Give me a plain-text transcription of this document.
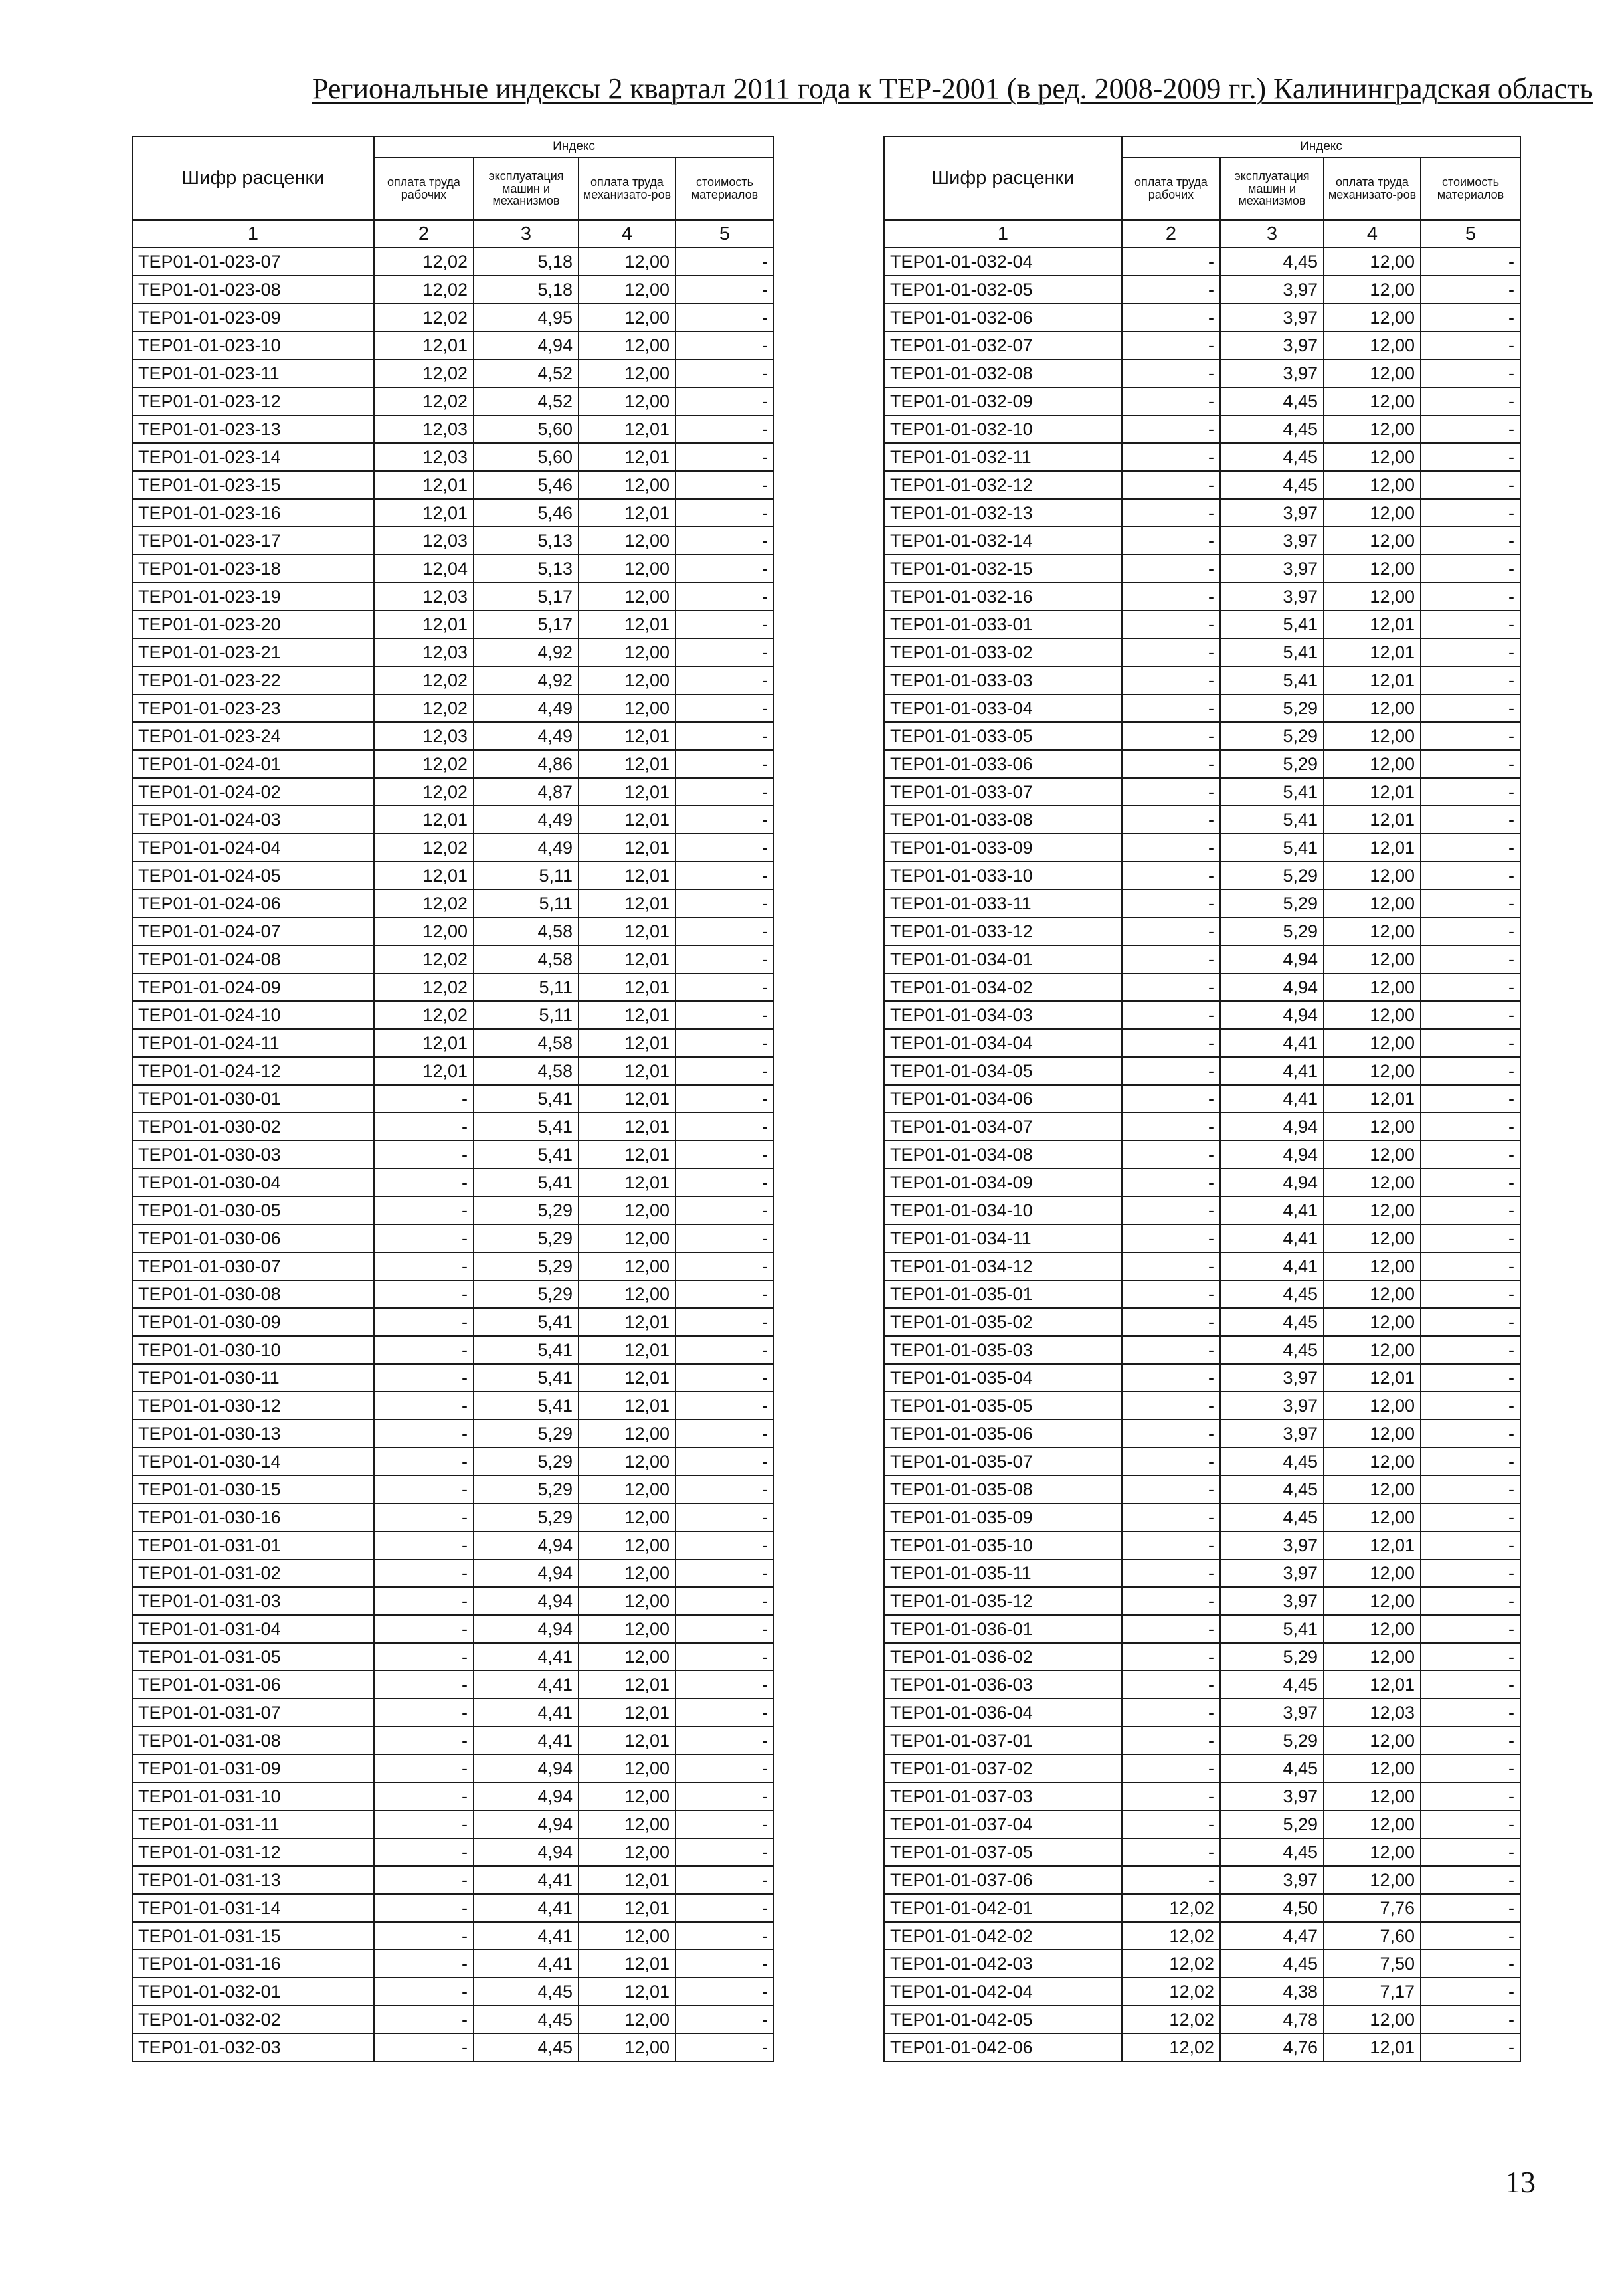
Региональные индексы 2 квартал 2011 года к ТЕР-2001 (в ред. 2008-2009 гг.) Калининградская область
Шифр расценки	Индекс			
	оплата труда рабочих	эксплуатация машин и механизмов	оплата труда механизато-ров	стоимость материалов
1	2	3	4	5
ТЕР01-01-023-07	12,02	5,18	12,00	-
ТЕР01-01-023-08	12,02	5,18	12,00	-
ТЕР01-01-023-09	12,02	4,95	12,00	-
ТЕР01-01-023-10	12,01	4,94	12,00	-
ТЕР01-01-023-11	12,02	4,52	12,00	-
ТЕР01-01-023-12	12,02	4,52	12,00	-
ТЕР01-01-023-13	12,03	5,60	12,01	-
ТЕР01-01-023-14	12,03	5,60	12,01	-
ТЕР01-01-023-15	12,01	5,46	12,00	-
ТЕР01-01-023-16	12,01	5,46	12,01	-
ТЕР01-01-023-17	12,03	5,13	12,00	-
ТЕР01-01-023-18	12,04	5,13	12,00	-
ТЕР01-01-023-19	12,03	5,17	12,00	-
ТЕР01-01-023-20	12,01	5,17	12,01	-
ТЕР01-01-023-21	12,03	4,92	12,00	-
ТЕР01-01-023-22	12,02	4,92	12,00	-
ТЕР01-01-023-23	12,02	4,49	12,00	-
ТЕР01-01-023-24	12,03	4,49	12,01	-
ТЕР01-01-024-01	12,02	4,86	12,01	-
ТЕР01-01-024-02	12,02	4,87	12,01	-
ТЕР01-01-024-03	12,01	4,49	12,01	-
ТЕР01-01-024-04	12,02	4,49	12,01	-
ТЕР01-01-024-05	12,01	5,11	12,01	-
ТЕР01-01-024-06	12,02	5,11	12,01	-
ТЕР01-01-024-07	12,00	4,58	12,01	-
ТЕР01-01-024-08	12,02	4,58	12,01	-
ТЕР01-01-024-09	12,02	5,11	12,01	-
ТЕР01-01-024-10	12,02	5,11	12,01	-
ТЕР01-01-024-11	12,01	4,58	12,01	-
ТЕР01-01-024-12	12,01	4,58	12,01	-
ТЕР01-01-030-01	-	5,41	12,01	-
ТЕР01-01-030-02	-	5,41	12,01	-
ТЕР01-01-030-03	-	5,41	12,01	-
ТЕР01-01-030-04	-	5,41	12,01	-
ТЕР01-01-030-05	-	5,29	12,00	-
ТЕР01-01-030-06	-	5,29	12,00	-
ТЕР01-01-030-07	-	5,29	12,00	-
ТЕР01-01-030-08	-	5,29	12,00	-
ТЕР01-01-030-09	-	5,41	12,01	-
ТЕР01-01-030-10	-	5,41	12,01	-
ТЕР01-01-030-11	-	5,41	12,01	-
ТЕР01-01-030-12	-	5,41	12,01	-
ТЕР01-01-030-13	-	5,29	12,00	-
ТЕР01-01-030-14	-	5,29	12,00	-
ТЕР01-01-030-15	-	5,29	12,00	-
ТЕР01-01-030-16	-	5,29	12,00	-
ТЕР01-01-031-01	-	4,94	12,00	-
ТЕР01-01-031-02	-	4,94	12,00	-
ТЕР01-01-031-03	-	4,94	12,00	-
ТЕР01-01-031-04	-	4,94	12,00	-
ТЕР01-01-031-05	-	4,41	12,00	-
ТЕР01-01-031-06	-	4,41	12,01	-
ТЕР01-01-031-07	-	4,41	12,01	-
ТЕР01-01-031-08	-	4,41	12,01	-
ТЕР01-01-031-09	-	4,94	12,00	-
ТЕР01-01-031-10	-	4,94	12,00	-
ТЕР01-01-031-11	-	4,94	12,00	-
ТЕР01-01-031-12	-	4,94	12,00	-
ТЕР01-01-031-13	-	4,41	12,01	-
ТЕР01-01-031-14	-	4,41	12,01	-
ТЕР01-01-031-15	-	4,41	12,00	-
ТЕР01-01-031-16	-	4,41	12,01	-
ТЕР01-01-032-01	-	4,45	12,01	-
ТЕР01-01-032-02	-	4,45	12,00	-
ТЕР01-01-032-03	-	4,45	12,00	-
Шифр расценки	Индекс			
	оплата труда рабочих	эксплуатация машин и механизмов	оплата труда механизато-ров	стоимость материалов
1	2	3	4	5
ТЕР01-01-032-04	-	4,45	12,00	-
ТЕР01-01-032-05	-	3,97	12,00	-
ТЕР01-01-032-06	-	3,97	12,00	-
ТЕР01-01-032-07	-	3,97	12,00	-
ТЕР01-01-032-08	-	3,97	12,00	-
ТЕР01-01-032-09	-	4,45	12,00	-
ТЕР01-01-032-10	-	4,45	12,00	-
ТЕР01-01-032-11	-	4,45	12,00	-
ТЕР01-01-032-12	-	4,45	12,00	-
ТЕР01-01-032-13	-	3,97	12,00	-
ТЕР01-01-032-14	-	3,97	12,00	-
ТЕР01-01-032-15	-	3,97	12,00	-
ТЕР01-01-032-16	-	3,97	12,00	-
ТЕР01-01-033-01	-	5,41	12,01	-
ТЕР01-01-033-02	-	5,41	12,01	-
ТЕР01-01-033-03	-	5,41	12,01	-
ТЕР01-01-033-04	-	5,29	12,00	-
ТЕР01-01-033-05	-	5,29	12,00	-
ТЕР01-01-033-06	-	5,29	12,00	-
ТЕР01-01-033-07	-	5,41	12,01	-
ТЕР01-01-033-08	-	5,41	12,01	-
ТЕР01-01-033-09	-	5,41	12,01	-
ТЕР01-01-033-10	-	5,29	12,00	-
ТЕР01-01-033-11	-	5,29	12,00	-
ТЕР01-01-033-12	-	5,29	12,00	-
ТЕР01-01-034-01	-	4,94	12,00	-
ТЕР01-01-034-02	-	4,94	12,00	-
ТЕР01-01-034-03	-	4,94	12,00	-
ТЕР01-01-034-04	-	4,41	12,00	-
ТЕР01-01-034-05	-	4,41	12,00	-
ТЕР01-01-034-06	-	4,41	12,01	-
ТЕР01-01-034-07	-	4,94	12,00	-
ТЕР01-01-034-08	-	4,94	12,00	-
ТЕР01-01-034-09	-	4,94	12,00	-
ТЕР01-01-034-10	-	4,41	12,00	-
ТЕР01-01-034-11	-	4,41	12,00	-
ТЕР01-01-034-12	-	4,41	12,00	-
ТЕР01-01-035-01	-	4,45	12,00	-
ТЕР01-01-035-02	-	4,45	12,00	-
ТЕР01-01-035-03	-	4,45	12,00	-
ТЕР01-01-035-04	-	3,97	12,01	-
ТЕР01-01-035-05	-	3,97	12,00	-
ТЕР01-01-035-06	-	3,97	12,00	-
ТЕР01-01-035-07	-	4,45	12,00	-
ТЕР01-01-035-08	-	4,45	12,00	-
ТЕР01-01-035-09	-	4,45	12,00	-
ТЕР01-01-035-10	-	3,97	12,01	-
ТЕР01-01-035-11	-	3,97	12,00	-
ТЕР01-01-035-12	-	3,97	12,00	-
ТЕР01-01-036-01	-	5,41	12,00	-
ТЕР01-01-036-02	-	5,29	12,00	-
ТЕР01-01-036-03	-	4,45	12,01	-
ТЕР01-01-036-04	-	3,97	12,03	-
ТЕР01-01-037-01	-	5,29	12,00	-
ТЕР01-01-037-02	-	4,45	12,00	-
ТЕР01-01-037-03	-	3,97	12,00	-
ТЕР01-01-037-04	-	5,29	12,00	-
ТЕР01-01-037-05	-	4,45	12,00	-
ТЕР01-01-037-06	-	3,97	12,00	-
ТЕР01-01-042-01	12,02	4,50	7,76	-
ТЕР01-01-042-02	12,02	4,47	7,60	-
ТЕР01-01-042-03	12,02	4,45	7,50	-
ТЕР01-01-042-04	12,02	4,38	7,17	-
ТЕР01-01-042-05	12,02	4,78	12,00	-
ТЕР01-01-042-06	12,02	4,76	12,01	-
13
